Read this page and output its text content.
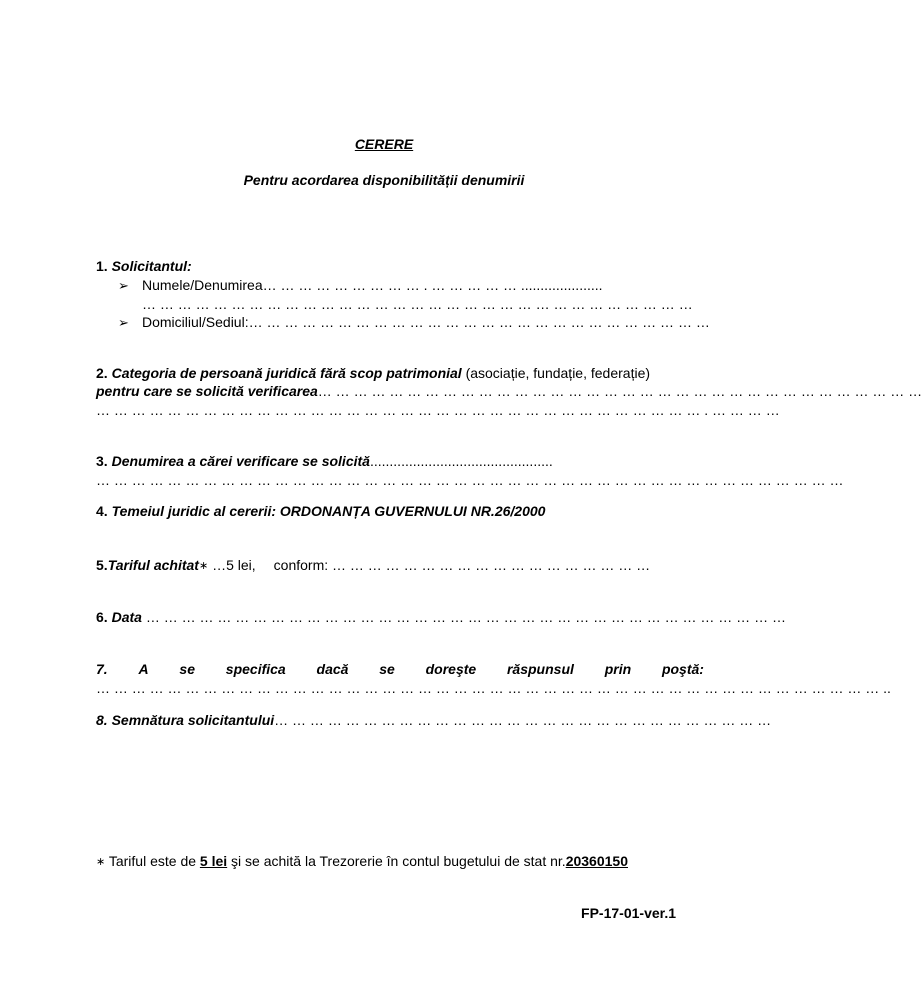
CERERE
Pentru acordarea disponibilității denumirii
1. Solicitantul:
➢ Numele/Denumirea… … … … … … … … … . … … … … … .....................
… … … … … … … … … … … … … … … … … … … … … … … … … … … … … … …
➢ Domiciliul/Sediul:… … … … … … … … … … … … … … … … … … … … … … … … … …
2. Categoria de persoană juridică fără scop patrimonial (asociație, fundație, federație)
pentru care se solicită verificarea… … … … … … … … … … … … … … … … … … … … … … … … … … … … … … … … … …
… … … … … … … … … … … … … … … … … … … … … … … … … … … … … … … … … … . … … … …
3. Denumirea a cărei verificare se solicită...............................................
… … … … … … … … … … … … … … … … … … … … … … … … … … … … … … … … … … … … … … … … … …
4. Temeiul juridic al cererii: ORDONANȚA GUVERNULUI NR.26/2000
5.Tariful achitat∗ …5 lei, conform: … … … … … … … … … … … … … … … … … …
6. Data … … … … … … … … … … … … … … … … … … … … … … … … … … … … … … … … … … … …
7. A se specifica dacă se doreşte răspunsul prin poştă:
… … … … … … … … … … … … … … … … … … … … … … … … … … … … … … … … … … … … … … … … … … … … ..
8. Semnătura solicitantului… … … … … … … … … … … … … … … … … … … … … … … … … … … …
∗ Tariful este de 5 lei şi se achită la Trezorerie în contul bugetului de stat nr.20360150
FP-17-01-ver.1
